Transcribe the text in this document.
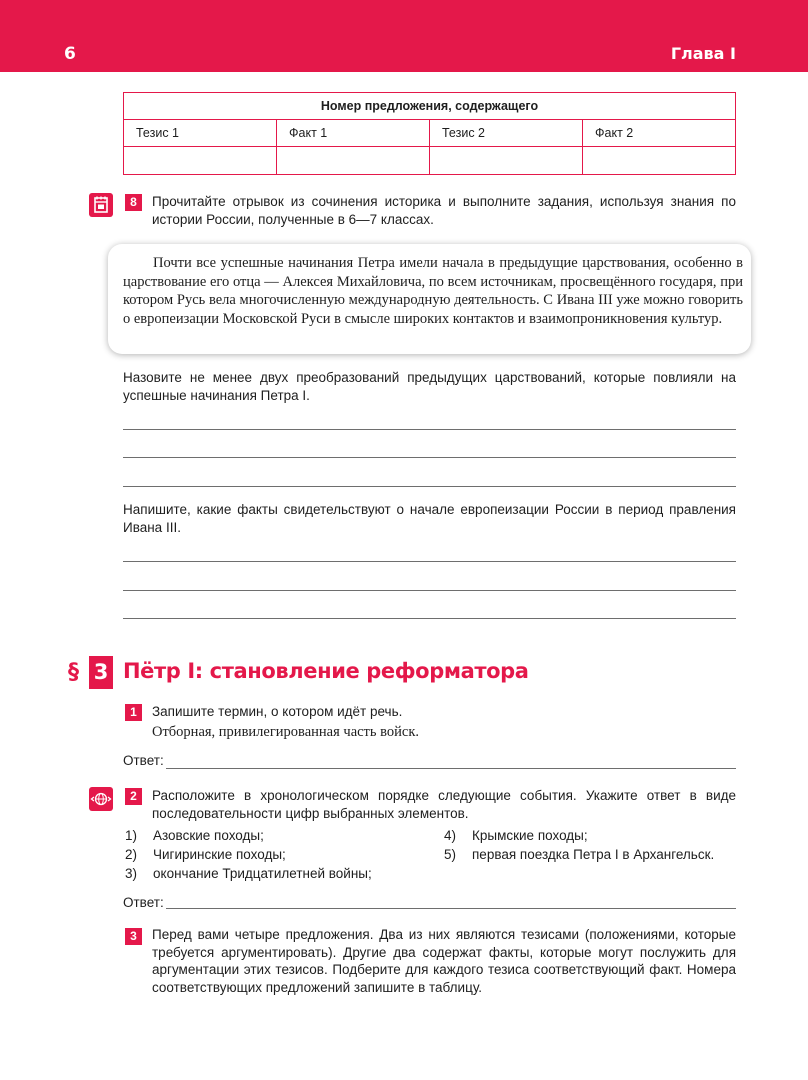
6	Глава I
Номер предложения, содержащего			
Тезис 1	Факт 1	Тезис 2	Факт 2

8	Прочитайте отрывок из сочинения историка и выполните задания, используя знания по истории России, полученные в 6—7 классах.

Почти все успешные начинания Петра имели начала в предыдущие царствования, особенно в царствование его отца — Алексея Михайловича, по всем источникам, просвещённого государя, при котором Русь вела многочисленную международную деятельность. С Ивана III уже можно говорить о европеизации Московской Руси в смысле широких контактов и взаимопроникновения культур.

Назовите не менее двух преобразований предыдущих царствований, которые повлияли на успешные начинания Петра I.
Напишите, какие факты свидетельствуют о начале европеизации России в период правления Ивана III.
§ 3 Пётр I: становление реформатора
1	Запишите термин, о котором идёт речь.
Отборная, привилегированная часть войск.
Ответ:
2	Расположите в хронологическом порядке следующие события. Укажите ответ в виде последовательности цифр выбранных элементов.
1) Азовские походы;
2) Чигиринские походы;
3) окончание Тридцатилетней войны;
4) Крымские походы;
5) первая поездка Петра I в Архангельск.
Ответ:
3	Перед вами четыре предложения. Два из них являются тезисами (положениями, которые требуется аргументировать). Другие два содержат факты, которые могут послужить для аргументации этих тезисов. Подберите для каждого тезиса соответствующий факт. Номера соответствующих предложений запишите в таблицу.
